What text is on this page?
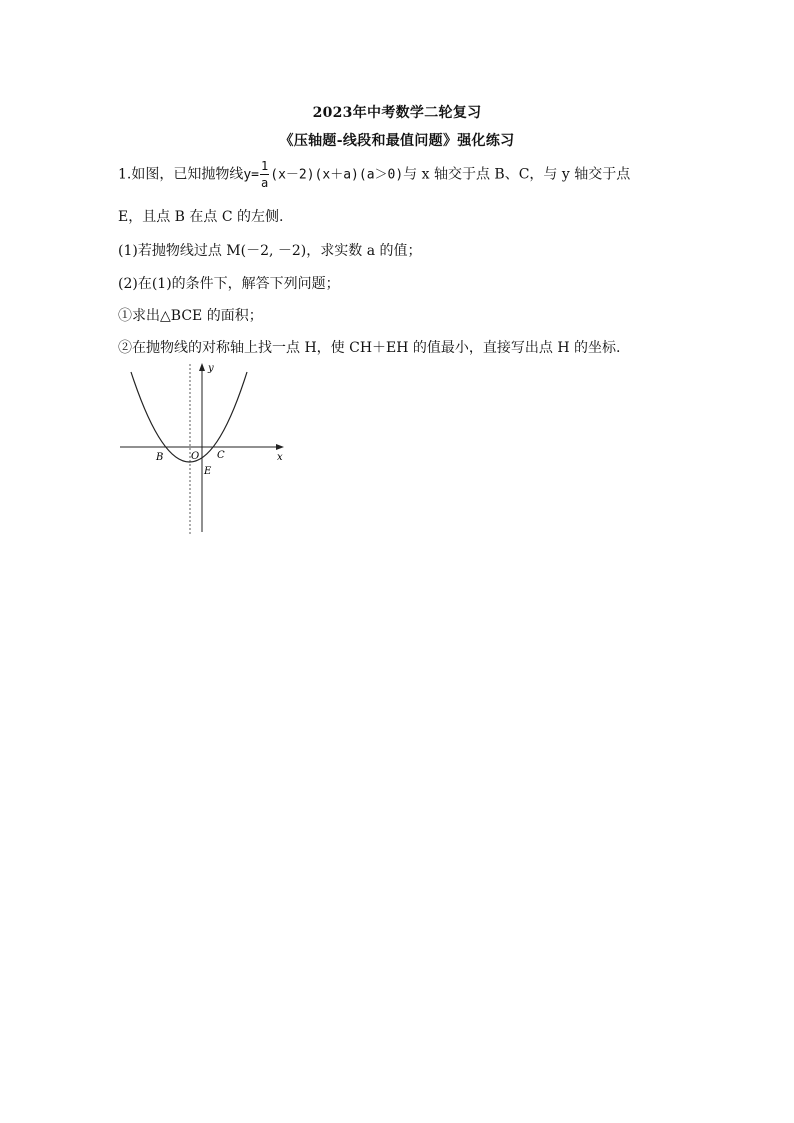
2023年中考数学二轮复习
《压轴题-线段和最值问题》强化练习
1.如图，已知抛物线$y= \frac{1}{a} (x-2)(x+a)(a>0)$与 x 轴交于点 B、C，与 y 轴交于点
E，且点 B 在点 C 的左侧.
(1)若抛物线过点 M(－2, －2)，求实数 a 的值；
(2)在(1)的条件下，解答下列问题；
①求出△BCE 的面积；
②在抛物线的对称轴上找一点 H，使 CH＋EH 的值最小，直接写出点 H 的坐标.
y
x
O
B	C
E
